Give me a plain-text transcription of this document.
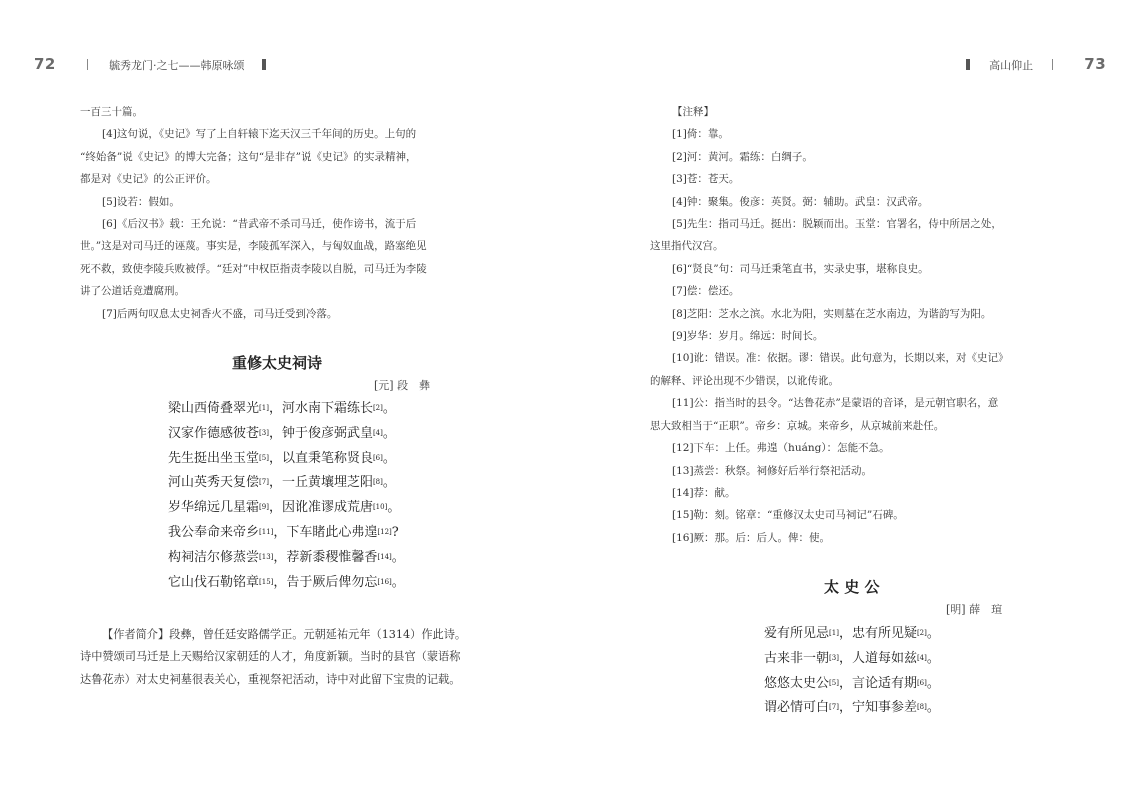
72	毓秀龙门·之七——韩原咏颂

一百三十篇。

[4]这句说，《史记》写了上自轩辕下迄天汉三千年间的历史。上句的

“终始备”说《史记》的博大完备；这句“是非存”说《史记》的实录精神，

都是对《史记》的公正评价。

[5]设若：假如。

[6]《后汉书》载：王允说：“昔武帝不杀司马迁，使作谤书，流于后

世。”这是对司马迁的诬蔑。事实是，李陵孤军深入，与匈奴血战，路塞绝见

死不救，致使李陵兵败被俘。“廷对”中权臣指责李陵以自脱，司马迁为李陵

讲了公道话竟遭腐刑。

[7]后两句叹息太史祠香火不盛，司马迁受到冷落。

重修太史祠诗
[元] 段　彝

梁山西倚叠翠光[1]，河水南下霜练长[2]。

汉家作德感彼苍[3]，钟于俊彦弼武皇[4]。

先生挺出坐玉堂[5]，以直秉笔称贤良[6]。

河山英秀天复偿[7]，一丘黄壤埋芝阳[8]。

岁华绵远几星霜[9]，因讹准谬成荒唐[10]。

我公奉命来帝乡[11]，下车睹此心弗遑[12]?

构祠洁尔修蒸尝[13]，荐新黍稷惟馨香[14]。

它山伐石勒铭章[15]，告于厥后俾勿忘[16]。

【作者简介】段彝，曾任廷安路儒学正。元朝延祐元年（1314）作此诗。

诗中赞颂司马迁是上天赐给汉家朝廷的人才，角度新颖。当时的县官（蒙语称

达鲁花赤）对太史祠墓很表关心，重视祭祀活动，诗中对此留下宝贵的记载。

高山仰止	73

【注释】

[1]倚：靠。

[2]河：黄河。霜练：白绸子。

[3]苍：苍天。

[4]钟：聚集。俊彦：英贤。弼：辅助。武皇：汉武帝。

[5]先生：指司马迁。挺出：脱颖而出。玉堂：官署名，侍中所居之处，

这里指代汉宫。

[6]“贤良”句：司马迁秉笔直书，实录史事，堪称良史。

[7]偿：偿还。

[8]芝阳：芝水之滨。水北为阳，实则墓在芝水南边，为谐韵写为阳。

[9]岁华：岁月。绵远：时间长。

[10]讹：错误。准：依据。谬：错误。此句意为，长期以来，对《史记》

的解释、评论出现不少错误，以讹传讹。

[11]公：指当时的县令。“达鲁花赤”是蒙语的音译，是元朝官职名，意

思大致相当于“正职”。帝乡：京城。来帝乡，从京城前来赴任。

[12]下车：上任。弗遑（huáng）：怎能不急。

[13]蒸尝：秋祭。祠修好后举行祭祀活动。

[14]荐：献。

[15]勒：刻。铭章：“重修汉太史司马祠记”石碑。

[16]厥：那。后：后人。俾：使。

太 史 公
[明] 薛　瑄

爱有所见忌[1]，忠有所见疑[2]。

古来非一朝[3]，人道每如兹[4]。

悠悠太史公[5]，言论适有期[6]。

谓必情可白[7]，宁知事参差[8]。
